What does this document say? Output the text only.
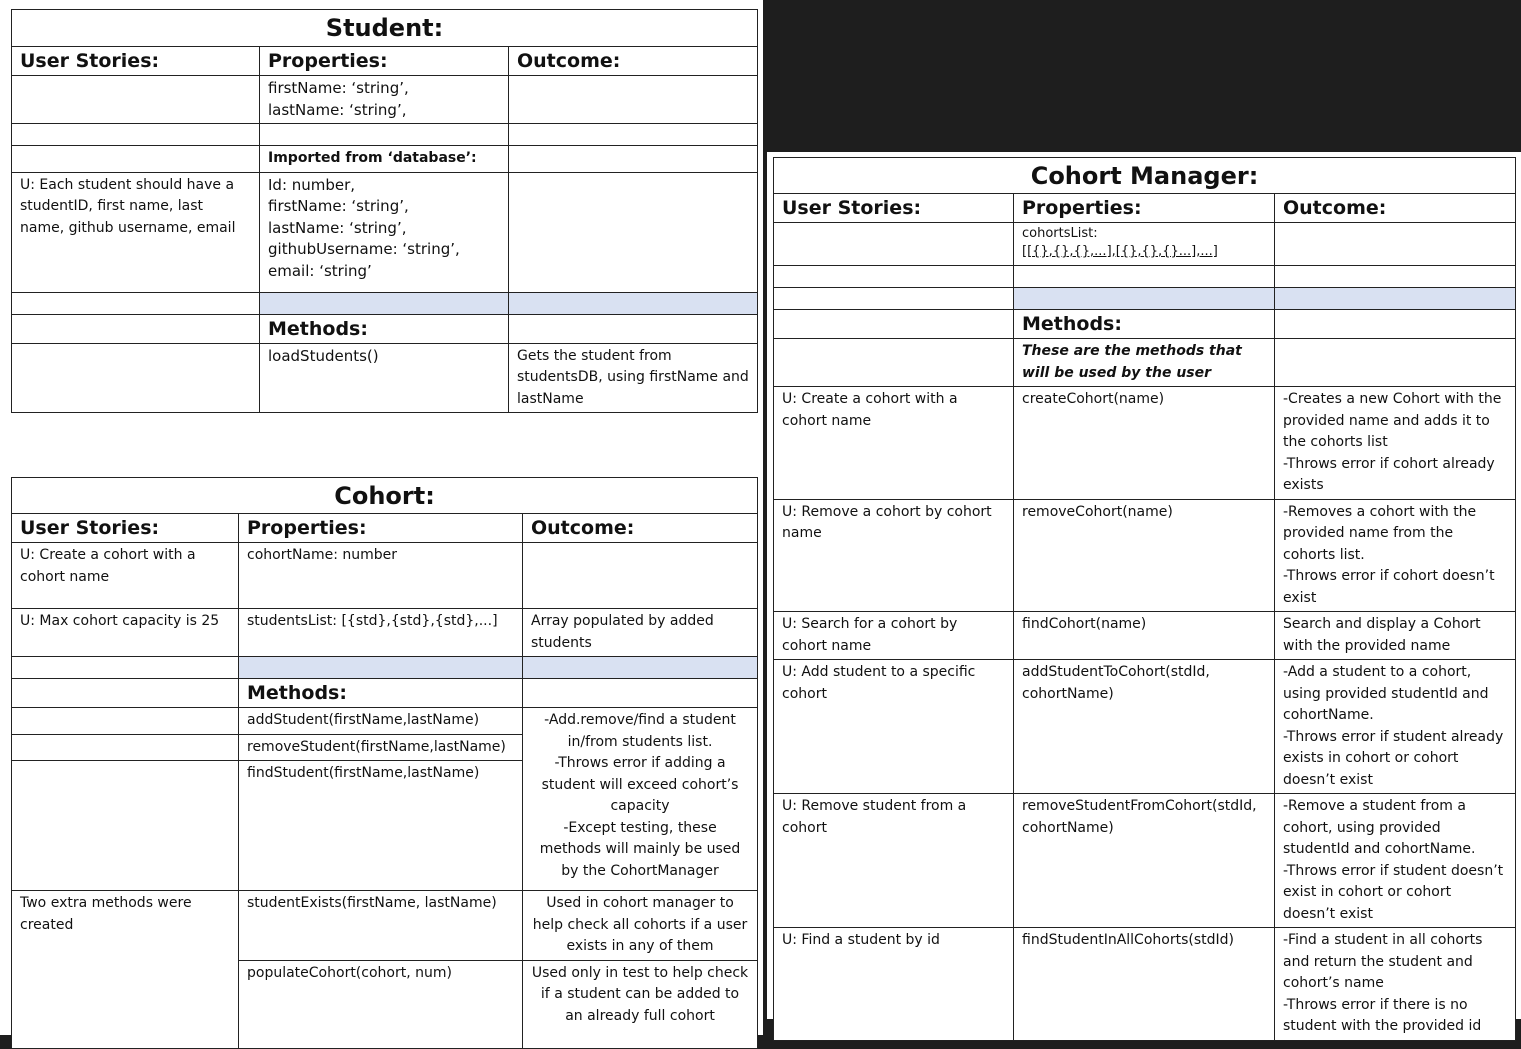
Student:		
User Stories:	Properties:	Outcome:

	firstName: ‘string’,
lastName: ‘string’,	

	Imported from ‘database’:	
U: Each student should have a studentID, first name, last name, github username, email	Id: number,
firstName: ‘string’,
lastName: ‘string’,
githubUsername: ‘string’,
email: ‘string’	

	Methods:	
	loadStudents()	Gets the student from studentsDB, using firstName and lastName
Cohort:		
User Stories:	Properties:	Outcome:
U: Create a cohort with a cohort name	cohortName: number	
U: Max cohort capacity is 25	studentsList: [{std},{std},{std},...]	Array populated by added students

	Methods:	
	addStudent(firstName,lastName)	-Add.remove/find a student in/from students list.
-Throws error if adding a student will exceed cohort’s capacity
-Except testing, these methods will mainly be used by the CohortManager

	removeStudent(firstName,lastName)	
	findStudent(firstName,lastName)	
Two extra methods were created	studentExists(firstName, lastName)	Used in cohort manager to help check all cohorts if a user exists in any of them
	populateCohort(cohort, num)	Used only in test to help check if a student can be added to an already full cohort
Cohort Manager:		
User Stories:	Properties:	Outcome:

	cohortsList:
[[{},{},{},...],[{},{},{}...],...]	

	Methods:	
	These are the methods that will be used by the user	
U: Create a cohort with a cohort name	createCohort(name)	-Creates a new Cohort with the provided name and adds it to the cohorts list
-Throws error if cohort already exists

U: Remove a cohort by cohort name	removeCohort(name)	-Removes a cohort with the provided name from the cohorts list.
-Throws error if cohort doesn’t exist

U: Search for a cohort by cohort name	findCohort(name)	Search and display a Cohort with the provided name
U: Add student to a specific cohort	addStudentToCohort(stdId, cohortName)	-Add a student to a cohort, using provided studentId and cohortName.
-Throws error if student already exists in cohort or cohort doesn’t exist

U: Remove student from a cohort	removeStudentFromCohort(stdId, cohortName)	-Remove a student from a cohort, using provided studentId and cohortName.
-Throws error if student doesn’t exist in cohort or cohort doesn’t exist

U: Find a student by id	findStudentInAllCohorts(stdId)	-Find a student in all cohorts and return the student and cohort’s name
-Throws error if there is no student with the provided id
